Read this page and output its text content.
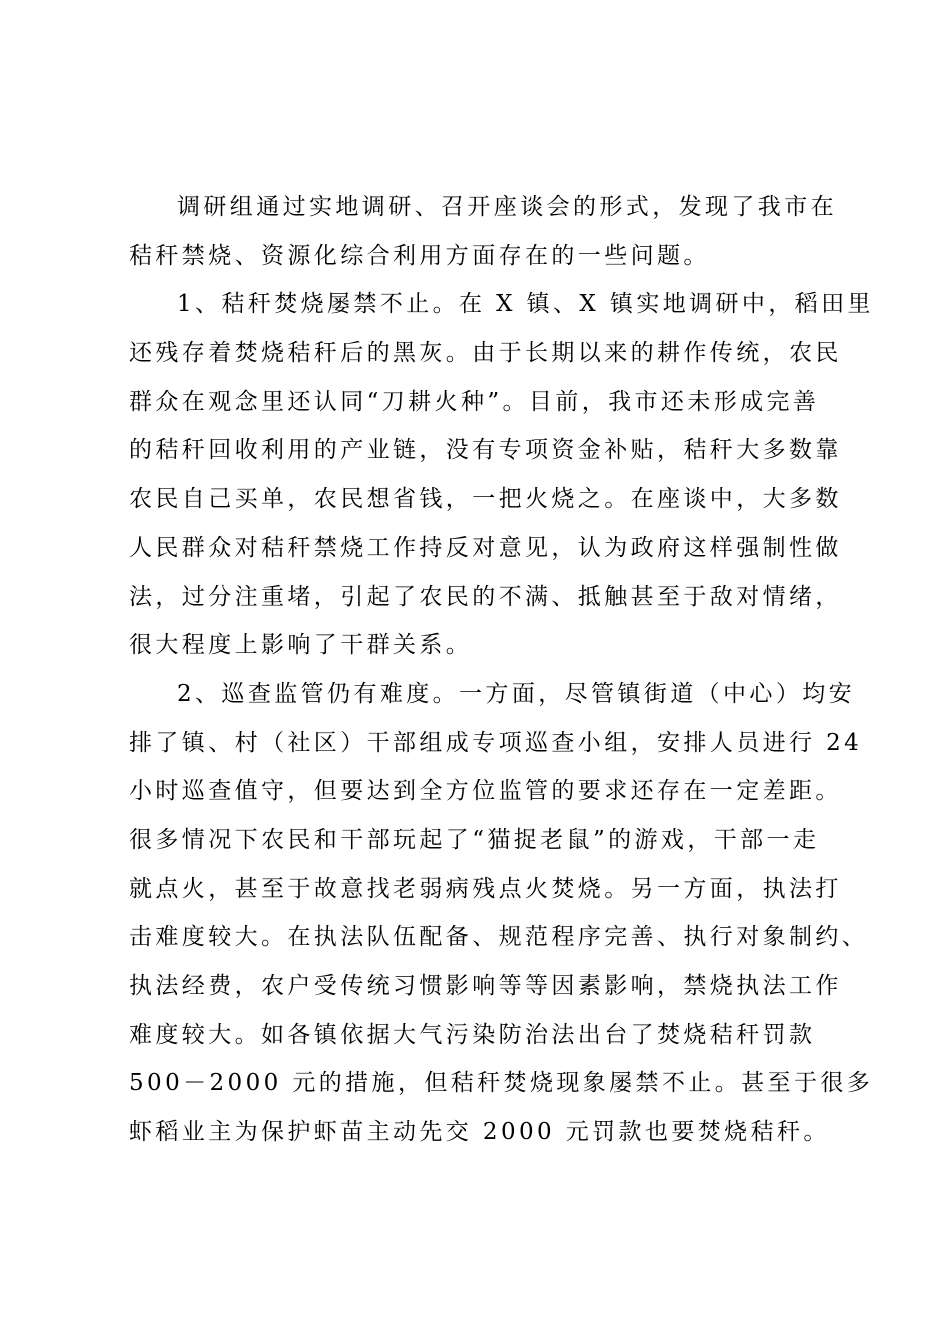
调研组通过实地调研、召开座谈会的形式，发现了我市在
秸秆禁烧、资源化综合利用方面存在的一些问题。

1、秸秆焚烧屡禁不止。在 X 镇、X 镇实地调研中，稻田里
还残存着焚烧秸秆后的黑灰。由于长期以来的耕作传统，农民
群众在观念里还认同“刀耕火种”。目前，我市还未形成完善
的秸秆回收利用的产业链，没有专项资金补贴，秸秆大多数靠
农民自己买单，农民想省钱，一把火烧之。在座谈中，大多数
人民群众对秸秆禁烧工作持反对意见，认为政府这样强制性做
法，过分注重堵，引起了农民的不满、抵触甚至于敌对情绪，
很大程度上影响了干群关系。

2、巡查监管仍有难度。一方面，尽管镇街道（中心）均安
排了镇、村（社区）干部组成专项巡查小组，安排人员进行 24
小时巡查值守，但要达到全方位监管的要求还存在一定差距。
很多情况下农民和干部玩起了“猫捉老鼠”的游戏，干部一走
就点火，甚至于故意找老弱病残点火焚烧。另一方面，执法打
击难度较大。在执法队伍配备、规范程序完善、执行对象制约、
执法经费，农户受传统习惯影响等等因素影响，禁烧执法工作
难度较大。如各镇依据大气污染防治法出台了焚烧秸秆罚款
500－2000 元的措施，但秸秆焚烧现象屡禁不止。甚至于很多
虾稻业主为保护虾苗主动先交 2000 元罚款也要焚烧秸秆。
